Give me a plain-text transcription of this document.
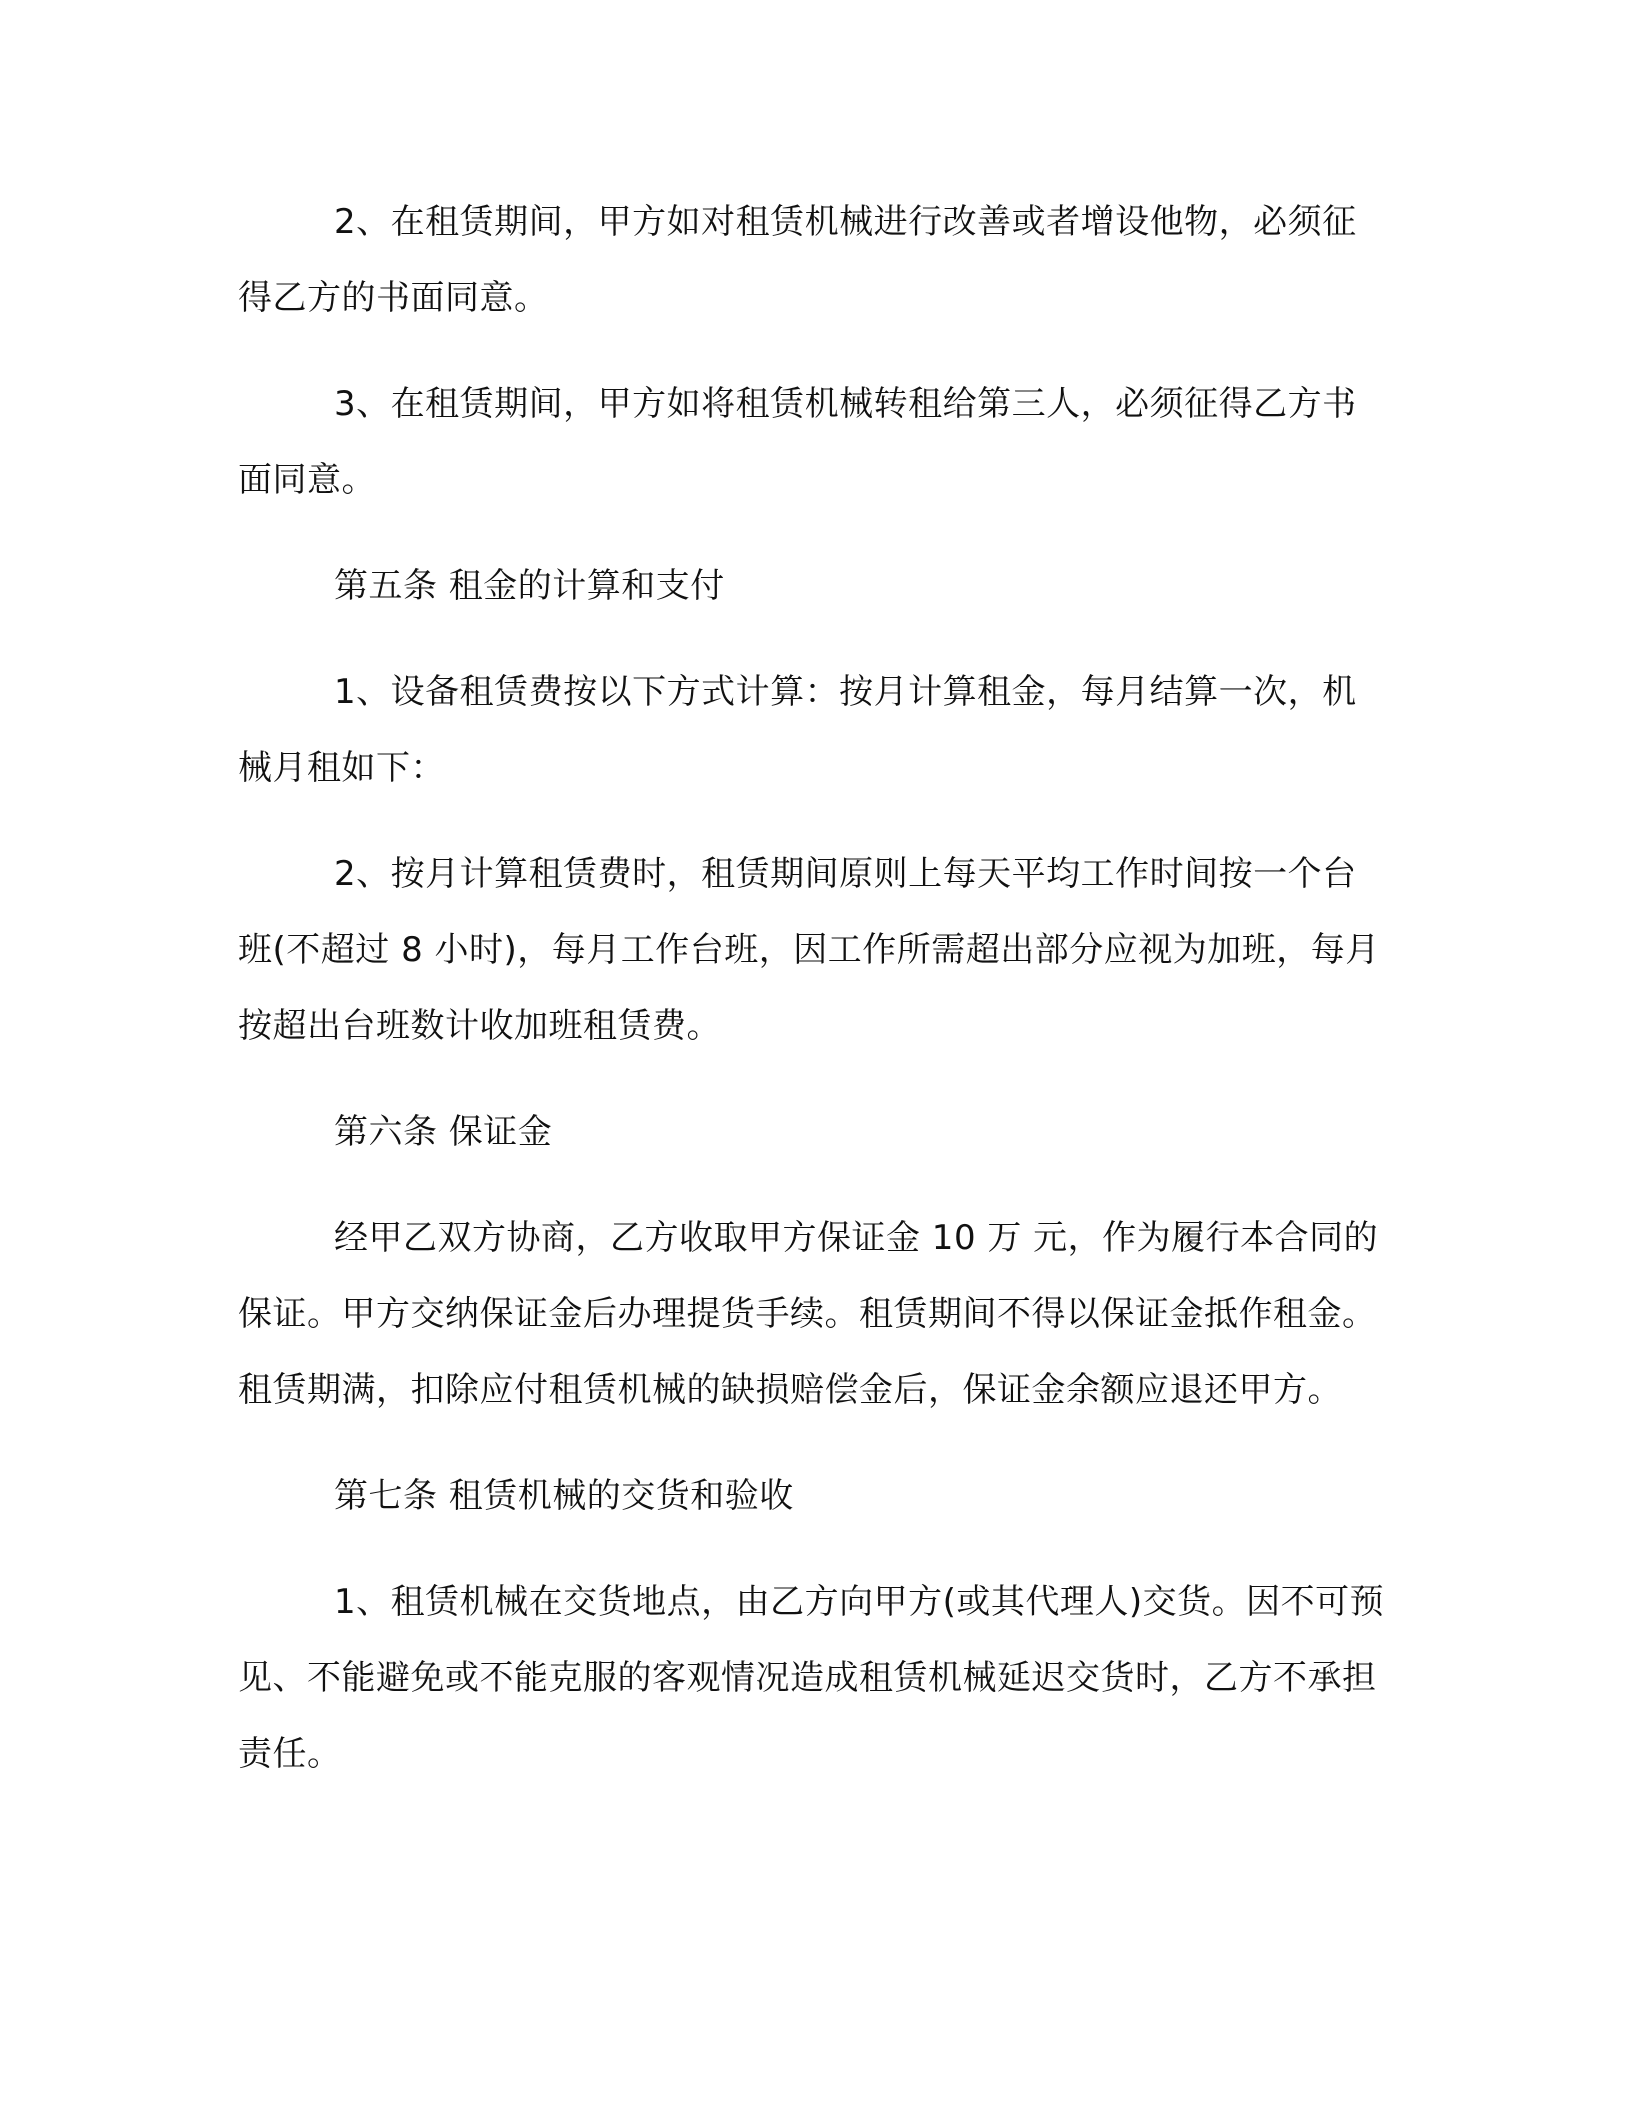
2、在租赁期间，甲方如对租赁机械进行改善或者增设他物，必须征得乙方的书面同意。

3、在租赁期间，甲方如将租赁机械转租给第三人，必须征得乙方书面同意。

第五条 租金的计算和支付

1、设备租赁费按以下方式计算：按月计算租金，每月结算一次，机械月租如下：

2、按月计算租赁费时，租赁期间原则上每天平均工作时间按一个台班(不超过 8 小时)，每月工作台班，因工作所需超出部分应视为加班，每月按超出台班数计收加班租赁费。

第六条 保证金

经甲乙双方协商，乙方收取甲方保证金 10 万 元，作为履行本合同的保证。甲方交纳保证金后办理提货手续。租赁期间不得以保证金抵作租金。租赁期满，扣除应付租赁机械的缺损赔偿金后，保证金余额应退还甲方。

第七条 租赁机械的交货和验收

1、租赁机械在交货地点，由乙方向甲方(或其代理人)交货。因不可预见、不能避免或不能克服的客观情况造成租赁机械延迟交货时，乙方不承担责任。
